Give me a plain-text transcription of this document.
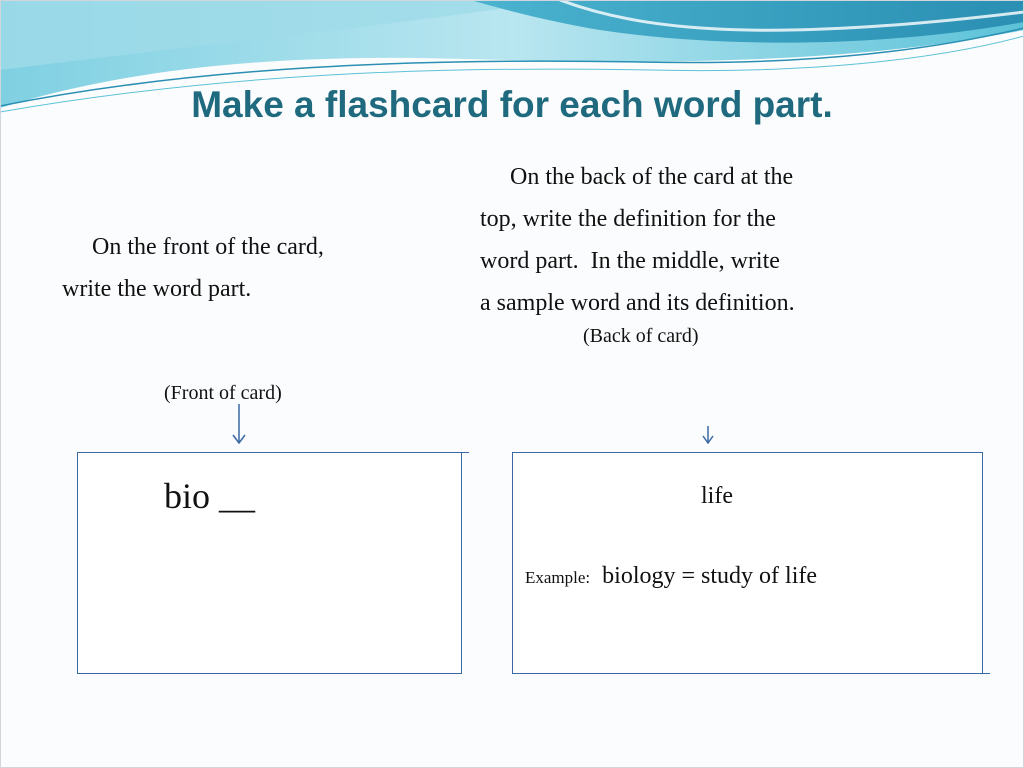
Make a flashcard for each word part.
On the front of the card,
write the word part.
On the back of the card at the
top, write the definition for the
word part.  In the middle, write
a sample word and its definition.
(Back of card)
(Front of card)
bio __	life
Example: biology = study of life
